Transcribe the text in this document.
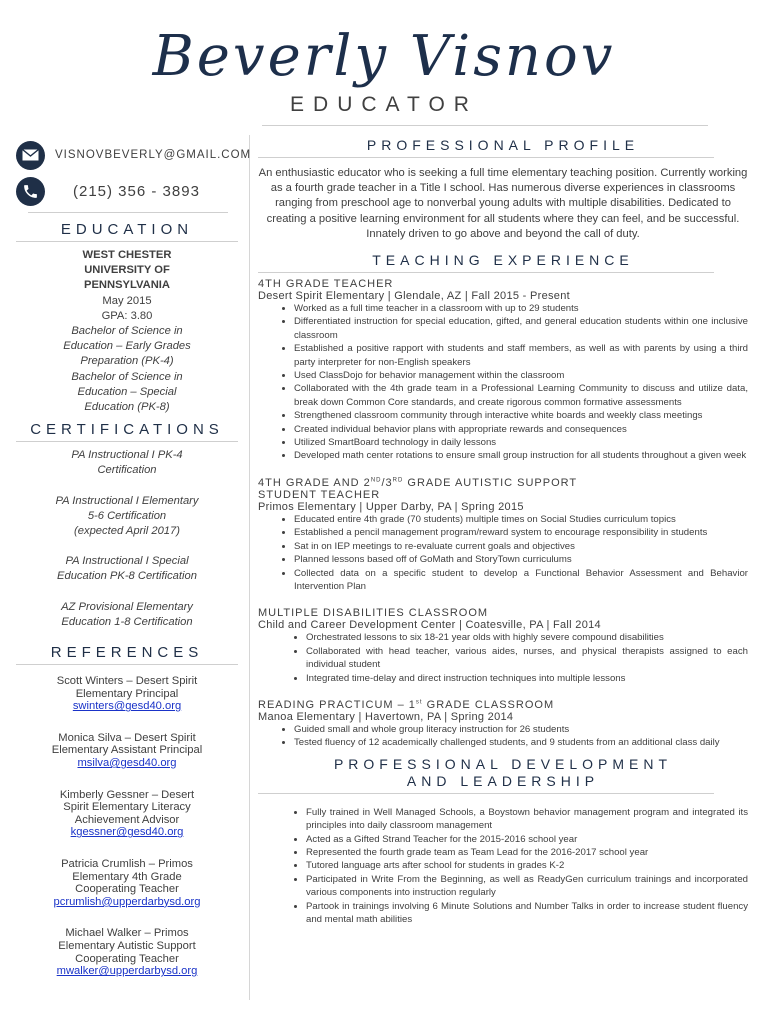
Beverly Visnov
EDUCATOR
VISNOVBEVERLY@GMAIL.COM
(215) 356 - 3893
EDUCATION
WEST CHESTER UNIVERSITY OF PENNSYLVANIA
May 2015
GPA: 3.80
Bachelor of Science in Education – Early Grades Preparation (PK-4)
Bachelor of Science in Education – Special Education (PK-8)
CERTIFICATIONS
PA Instructional I PK-4
Certification
PA Instructional I Elementary
5-6 Certification
(expected April 2017)
PA Instructional I Special
Education PK-8 Certification
AZ Provisional Elementary
Education 1-8 Certification
REFERENCES
Scott Winters – Desert Spirit
Elementary Principal
swinters@gesd40.org
Monica Silva – Desert Spirit
Elementary Assistant Principal
msilva@gesd40.org
Kimberly Gessner – Desert
Spirit Elementary Literacy
Achievement Advisor
kgessner@gesd40.org
Patricia Crumlish – Primos
Elementary 4th Grade
Cooperating Teacher
pcrumlish@upperdarbysd.org
Michael Walker – Primos
Elementary Autistic Support
Cooperating Teacher
mwalker@upperdarbysd.org
PROFESSIONAL PROFILE
An enthusiastic educator who is seeking a full time elementary teaching position. Currently working as a fourth grade teacher in a Title I school. Has numerous diverse experiences in classrooms ranging from preschool age to nonverbal young adults with multiple disabilities. Dedicated to creating a positive learning environment for all students where they can feel, and be successful. Innately driven to go above and beyond the call of duty.
TEACHING EXPERIENCE
4TH GRADE TEACHER
Desert Spirit Elementary | Glendale, AZ | Fall 2015 - Present
• Worked as a full time teacher in a classroom with up to 29 students
• Differentiated instruction for special education, gifted, and general education students within one inclusive classroom
• Established a positive rapport with students and staff members, as well as with parents by using a third party interpreter for non-English speakers
• Used ClassDojo for behavior management within the classroom
• Collaborated with the 4th grade team in a Professional Learning Community to discuss and utilize data, break down Common Core standards, and create rigorous common formative assessments
• Strengthened classroom community through interactive white boards and weekly class meetings
• Created individual behavior plans with appropriate rewards and consequences
• Utilized SmartBoard technology in daily lessons
• Developed math center rotations to ensure small group instruction for all students throughout a given week
4TH GRADE AND 2ND/3RD GRADE AUTISTIC SUPPORT
STUDENT TEACHER
Primos Elementary | Upper Darby, PA | Spring 2015
• Educated entire 4th grade (70 students) multiple times on Social Studies curriculum topics
• Established a pencil management program/reward system to encourage responsibility in students
• Sat in on IEP meetings to re-evaluate current goals and objectives
• Planned lessons based off of GoMath and StoryTown curriculums
• Collected data on a specific student to develop a Functional Behavior Assessment and Behavior Intervention Plan
MULTIPLE DISABILITIES CLASSROOM
Child and Career Development Center | Coatesville, PA | Fall 2014
• Orchestrated lessons to six 18-21 year olds with highly severe compound disabilities
• Collaborated with head teacher, various aides, nurses, and physical therapists assigned to each individual student
• Integrated time-delay and direct instruction techniques into multiple lessons
READING PRACTICUM – 1st GRADE CLASSROOM
Manoa Elementary | Havertown, PA | Spring 2014
• Guided small and whole group literacy instruction for 26 students
• Tested fluency of 12 academically challenged students, and 9 students from an additional class daily
PROFESSIONAL DEVELOPMENT
AND LEADERSHIP
• Fully trained in Well Managed Schools, a Boystown behavior management program and integrated its principles into daily classroom management
• Acted as a Gifted Strand Teacher for the 2015-2016 school year
• Represented the fourth grade team as Team Lead for the 2016-2017 school year
• Tutored language arts after school for students in grades K-2
• Participated in Write From the Beginning, as well as ReadyGen curriculum trainings and incorporated various components into instruction regularly
• Partook in trainings involving 6 Minute Solutions and Number Talks in order to increase student fluency and mental math abilities
